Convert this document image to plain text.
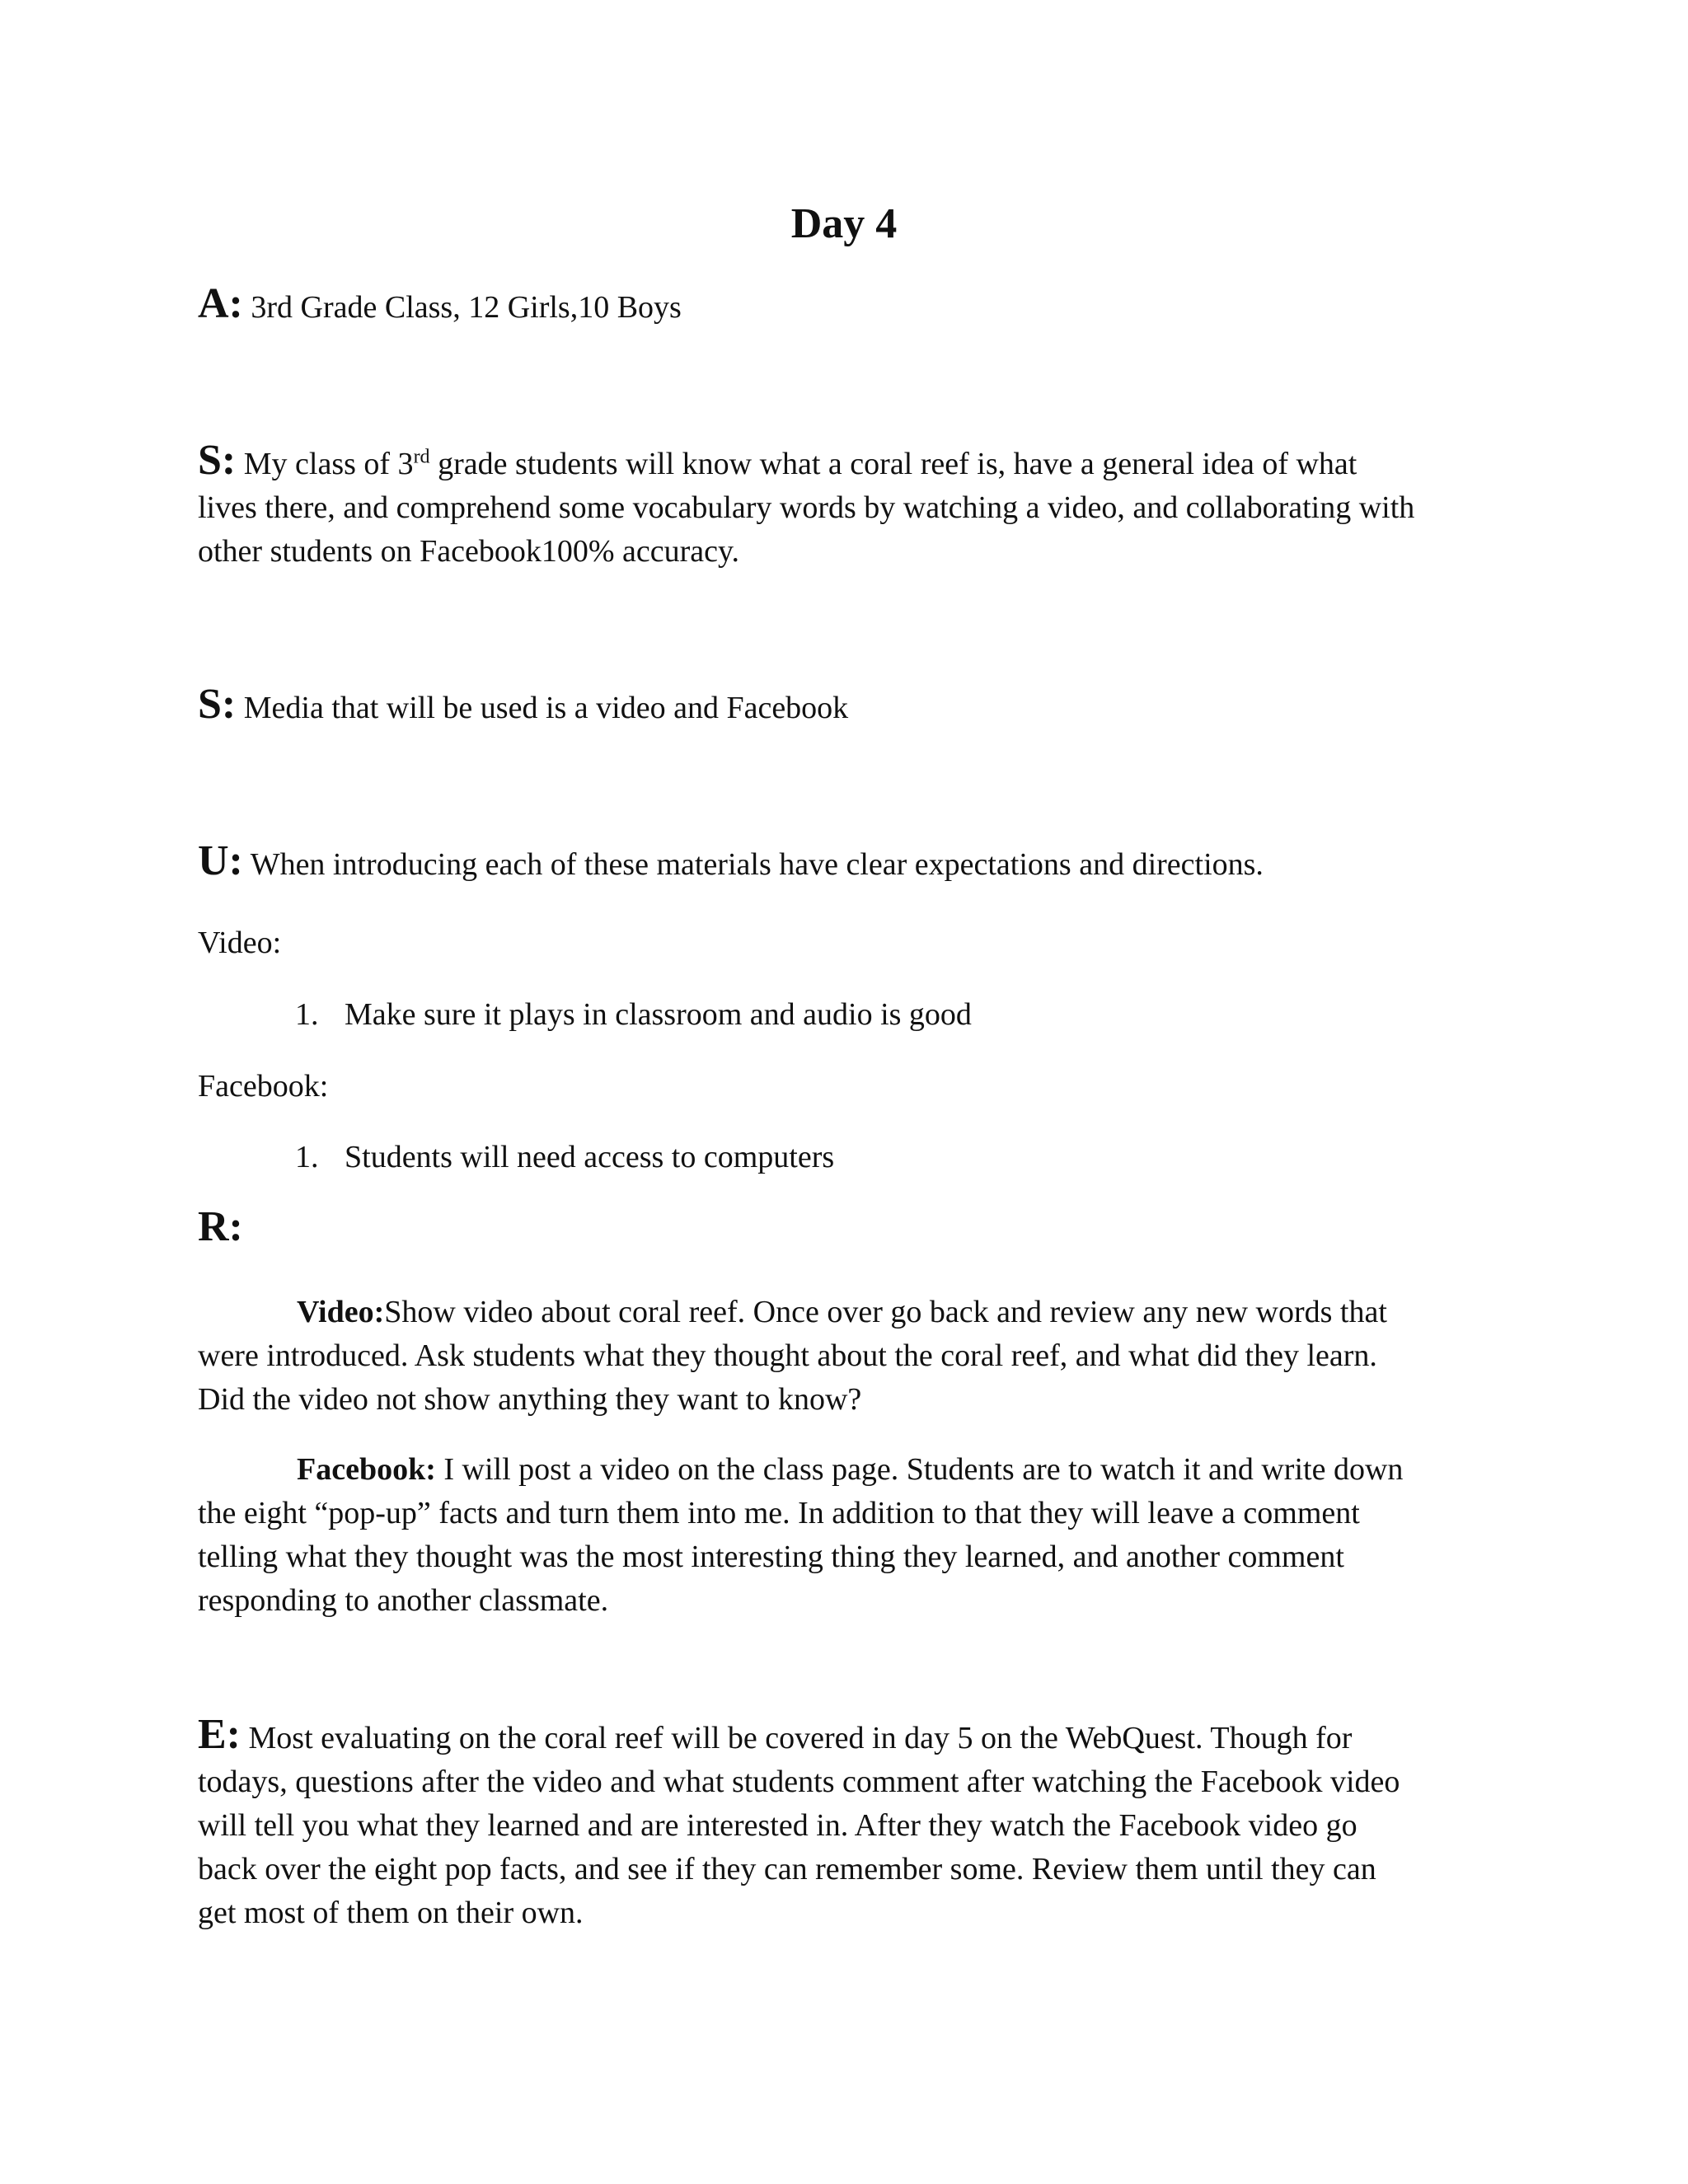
Day 4
A: 3rd Grade Class, 12 Girls,10 Boys
S: My class of 3rd grade students will know what a coral reef is, have a general idea of what
lives there, and comprehend some vocabulary words by watching a video, and collaborating with
other students on Facebook100% accuracy.
S: Media that will be used is a video and Facebook
U: When introducing each of these materials have clear expectations and directions.
Video:
1. Make sure it plays in classroom and audio is good
Facebook:
1. Students will need access to computers
R:
Video:Show video about coral reef. Once over go back and review any new words that
were introduced. Ask students what they thought about the coral reef, and what did they learn.
Did the video not show anything they want to know?
Facebook: I will post a video on the class page. Students are to watch it and write down
the eight “pop-up” facts and turn them into me. In addition to that they will leave a comment
telling what they thought was the most interesting thing they learned, and another comment
responding to another classmate.
E: Most evaluating on the coral reef will be covered in day 5 on the WebQuest. Though for
todays, questions after the video and what students comment after watching the Facebook video
will tell you what they learned and are interested in. After they watch the Facebook video go
back over the eight pop facts, and see if they can remember some. Review them until they can
get most of them on their own.
